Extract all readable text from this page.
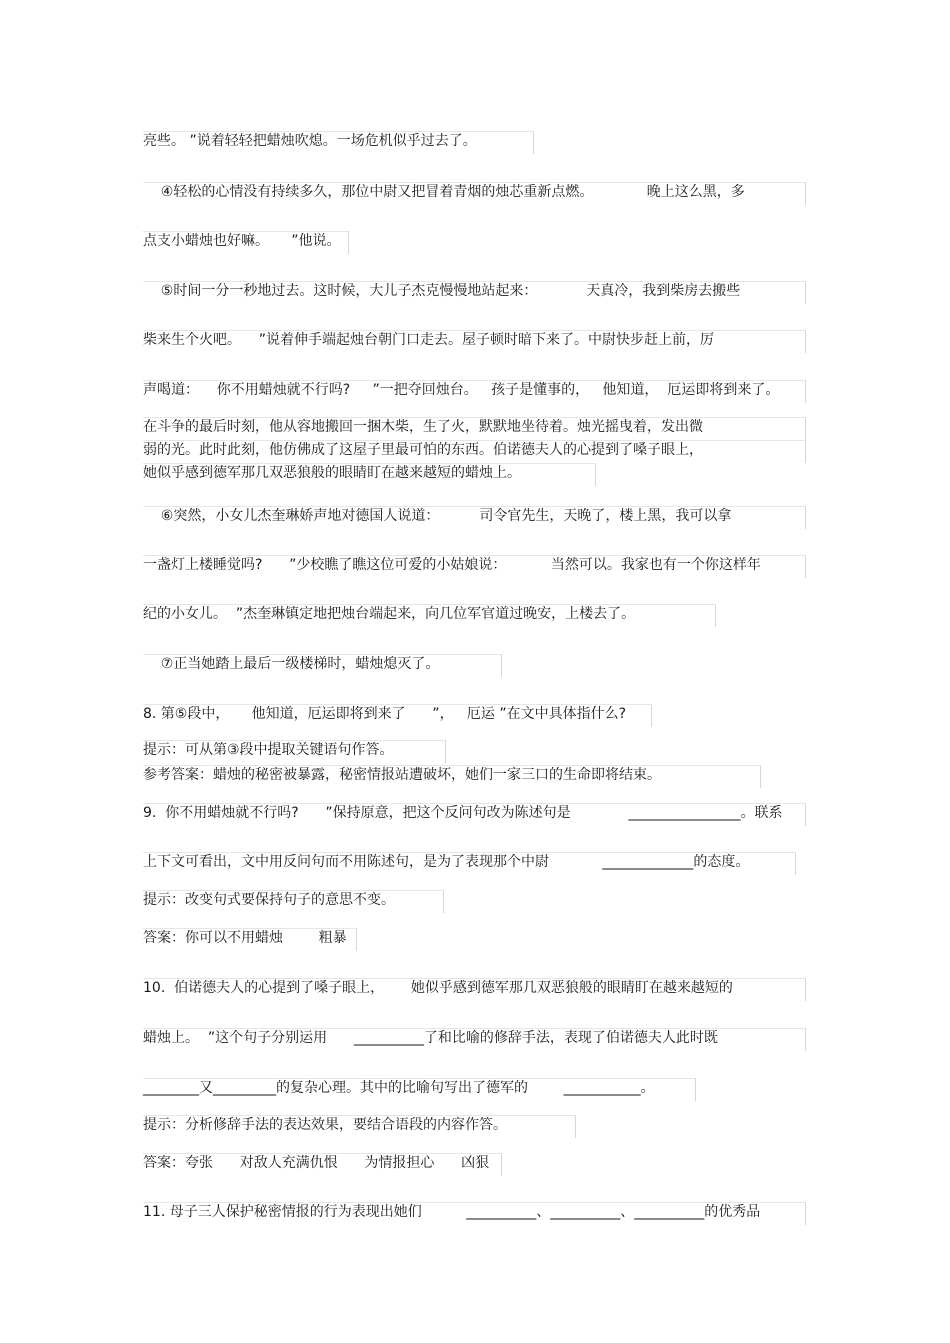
亮些。 ”说着轻轻把蜡烛吹熄。一场危机似乎过去了。
④轻松的心情没有持续多久，那位中尉又把冒着青烟的烛芯重新点燃。            晚上这么黑，多
点支小蜡烛也好嘛。     ”他说。
⑤时间一分一秒地过去。这时候，大儿子杰克慢慢地站起来：           天真冷，我到柴房去搬些
柴来生个火吧。    ”说着伸手端起烛台朝门口走去。屋子顿时暗下来了。中尉快步赶上前，厉
声喝道：    你不用蜡烛就不行吗?     ”一把夺回烛台。   孩子是懂事的，   他知道，  厄运即将到来了。
在斗争的最后时刻，他从容地搬回一捆木柴，生了火，默默地坐待着。烛光摇曳着，发出微
弱的光。此时此刻，他仿佛成了这屋子里最可怕的东西。伯诺德夫人的心提到了嗓子眼上，
她似乎感到德军那几双恶狼般的眼睛盯在越来越短的蜡烛上。
⑥突然，小女儿杰奎琳娇声地对德国人说道：         司令官先生，天晚了，楼上黑，我可以拿
一盏灯上楼睡觉吗?      ”少校瞧了瞧这位可爱的小姑娘说：          当然可以。我家也有一个你这样年
纪的小女儿。  ”杰奎琳镇定地把烛台端起来，向几位军官道过晚安，上楼去了。
⑦正当她踏上最后一级楼梯时，蜡烛熄灭了。
8. 第⑤段中，     他知道，厄运即将到来了      ”，   厄运 ”在文中具体指什么?
提示：可从第③段中提取关键语句作答。
参考答案：蜡烛的秘密被暴露，秘密情报站遭破坏，她们一家三口的生命即将结束。
9.  你不用蜡烛就不行吗?      ”保持原意，把这个反问句改为陈述句是             ________________。联系
上下文可看出，文中用反问句而不用陈述句，是为了表现那个中尉            _____________的态度。
提示：改变句式要保持句子的意思不变。
答案：你可以不用蜡烛        粗暴
10.  伯诺德夫人的心提到了嗓子眼上，      她似乎感到德军那几双恶狼般的眼睛盯在越来越短的
蜡烛上。  ”这个句子分别运用      __________了和比喻的修辞手法，表现了伯诺德夫人此时既
________又_________的复杂心理。其中的比喻句写出了德军的        ___________。
提示：分析修辞手法的表达效果，要结合语段的内容作答。
答案：夸张      对敌人充满仇恨      为情报担心      凶狠
11. 母子三人保护秘密情报的行为表现出她们          __________、__________、__________的优秀品
